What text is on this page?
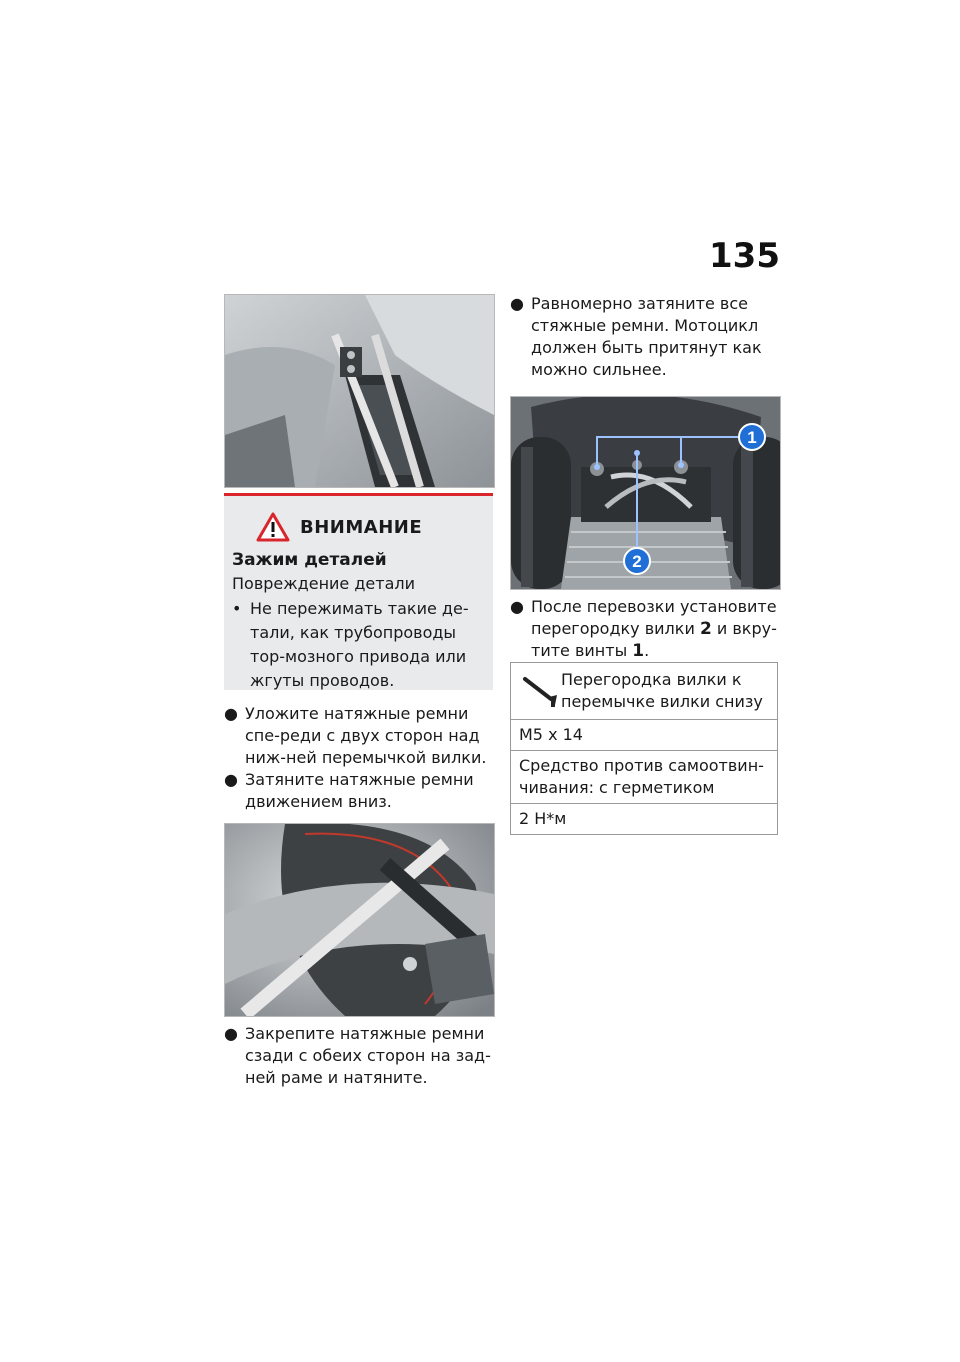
135
ВНИМАНИЕ
Зажим деталей
Повреждение детали
• Не пережимать такие де-тали, как трубопроводы тор-мозного привода или жгуты проводов.

● Уложите натяжные ремни спе-реди с двух сторон над ниж-ней перемычкой вилки.

● Затяните натяжные ремни движением вниз.

● Закрепите натяжные ремни сзади с обеих сторон на зад-ней раме и натяните.

● Равномерно затяните все стяжные ремни. Мотоцикл должен быть притянут как можно сильнее.

1
2

● После перевозки установите перегородку вилки 2 и вкру-тите винты 1.

Перегородка вилки к перемычке вилки снизу
M5 x 14
Средство против самоотвин-чивания: с герметиком
2 Н*м
